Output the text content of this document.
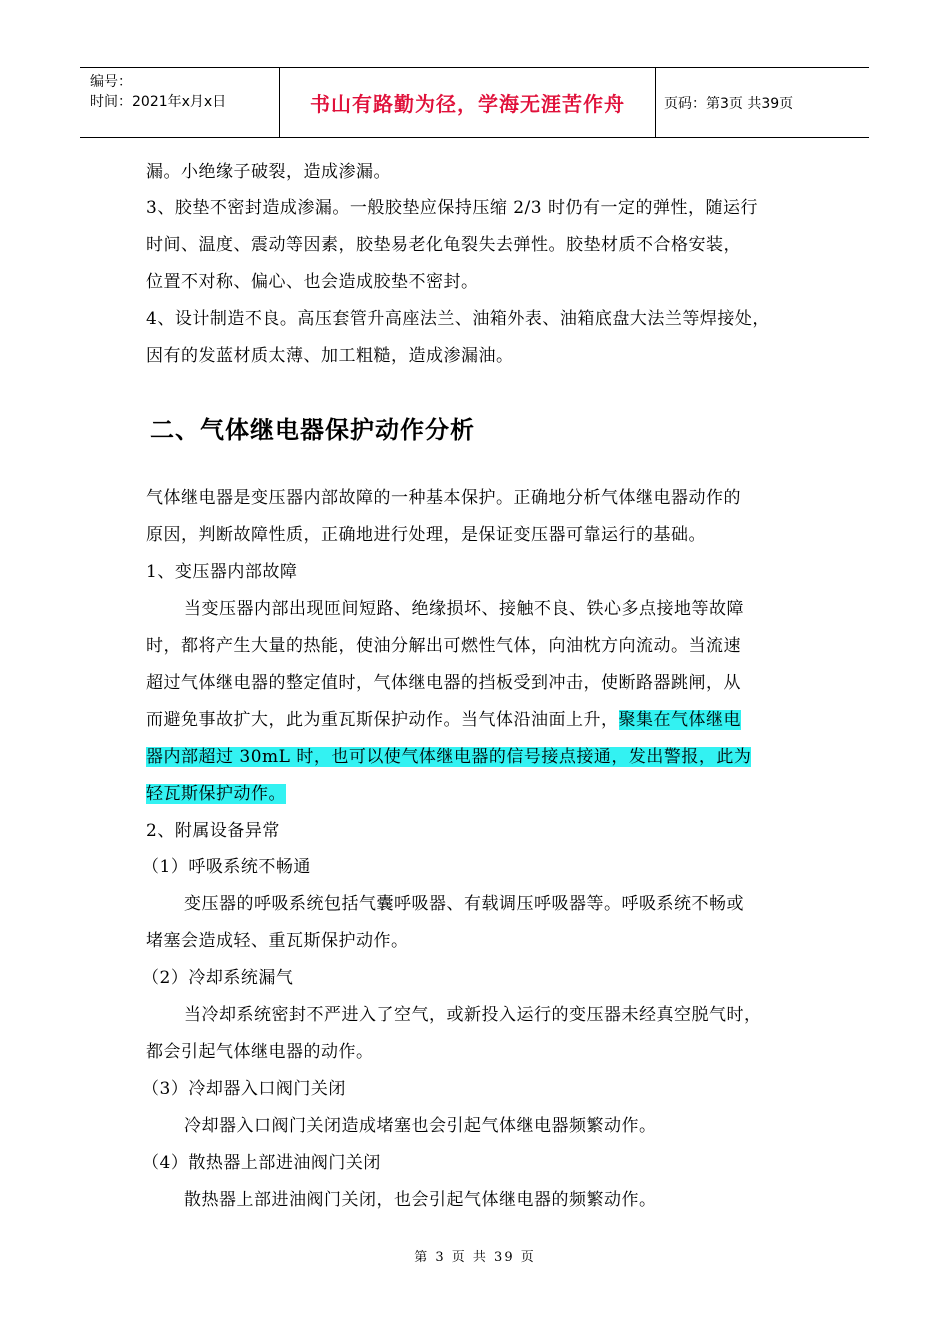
编号：
时间：2021年x月x日	书山有路勤为径，学海无涯苦作舟	页码：第3页 共39页
漏。小绝缘子破裂，造成渗漏。
3、胶垫不密封造成渗漏。一般胶垫应保持压缩 2/3 时仍有一定的弹性，随运行
时间、温度、震动等因素，胶垫易老化龟裂失去弹性。胶垫材质不合格安装，
位置不对称、偏心、也会造成胶垫不密封。
4、设计制造不良。高压套管升高座法兰、油箱外表、油箱底盘大法兰等焊接处，
因有的发蓝材质太薄、加工粗糙，造成渗漏油。
气体继电器是变压器内部故障的一种基本保护。正确地分析气体继电器动作的
原因，判断故障性质，正确地进行处理，是保证变压器可靠运行的基础。
1、变压器内部故障
当变压器内部出现匝间短路、绝缘损坏、接触不良、铁心多点接地等故障
时，都将产生大量的热能，使油分解出可燃性气体，向油枕方向流动。当流速
超过气体继电器的整定值时，气体继电器的挡板受到冲击，使断路器跳闸，从
而避免事故扩大，此为重瓦斯保护动作。当气体沿油面上升，聚集在气体继电
器内部超过 30mL 时，也可以使气体继电器的信号接点接通，发出警报，此为
轻瓦斯保护动作。
2、附属设备异常
（1）呼吸系统不畅通
变压器的呼吸系统包括气囊呼吸器、有载调压呼吸器等。呼吸系统不畅或
堵塞会造成轻、重瓦斯保护动作。
（2）冷却系统漏气
当冷却系统密封不严进入了空气，或新投入运行的变压器未经真空脱气时，
都会引起气体继电器的动作。
（3）冷却器入口阀门关闭
冷却器入口阀门关闭造成堵塞也会引起气体继电器频繁动作。
（4）散热器上部进油阀门关闭
散热器上部进油阀门关闭，也会引起气体继电器的频繁动作。
二、气体继电器保护动作分析
第 3 页 共 39 页
